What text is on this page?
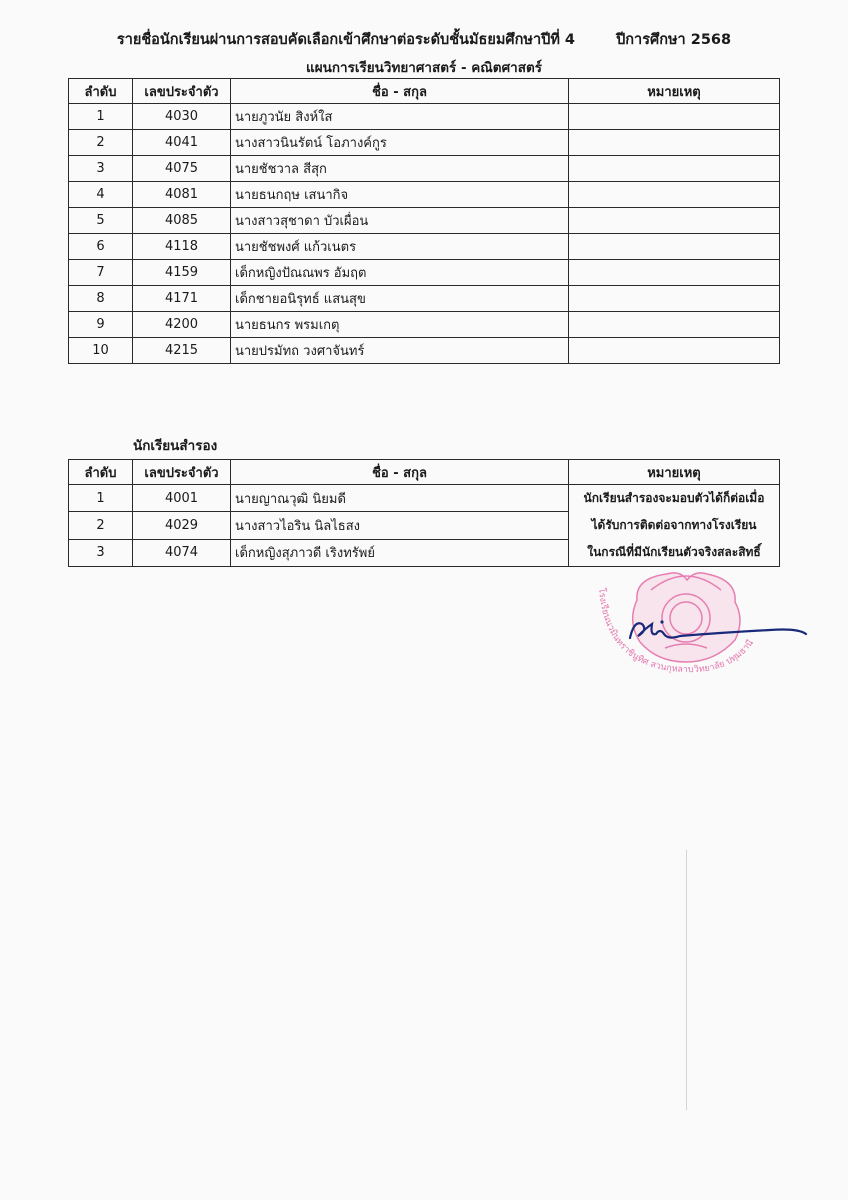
รายชื่อนักเรียนผ่านการสอบคัดเลือกเข้าศึกษาต่อระดับชั้นมัธยมศึกษาปีที่ 4	ปีการศึกษา 2568
แผนการเรียนวิทยาศาสตร์ - คณิตศาสตร์
ลำดับ	เลขประจำตัว	ชื่อ - สกุล	หมายเหตุ
1	4030	นายภูวนัย สิงห์ใส	
2	4041	นางสาวนินรัตน์ โอภางค์กูร	
3	4075	นายชัชวาล สีสุก	
4	4081	นายธนกฤษ เสนากิจ	
5	4085	นางสาวสุชาดา บัวเผื่อน	
6	4118	นายชัชพงศ์ แก้วเนตร	
7	4159	เด็กหญิงปัณณพร อัมฤต	
8	4171	เด็กชายอนิรุทธ์ แสนสุข	
9	4200	นายธนกร พรมเกตุ	
10	4215	นายปรมัทถ วงศาจันทร์	
นักเรียนสำรอง
ลำดับ	เลขประจำตัว	ชื่อ - สกุล	หมายเหตุ
1	4001	นายญาณวุฒิ นิยมดี	นักเรียนสำรองจะมอบตัวได้ก็ต่อเมื่อ
ได้รับการติดต่อจากทางโรงเรียน
ในกรณีที่มีนักเรียนตัวจริงสละสิทธิ์

2	4029	นางสาวไอริน นิลไธสง	
3	4074	เด็กหญิงสุภาวดี เริงทรัพย์	
โรงเรียนนวมินทราชินูทิศ สวนกุหลาบวิทยาลัย ปทุมธานี
